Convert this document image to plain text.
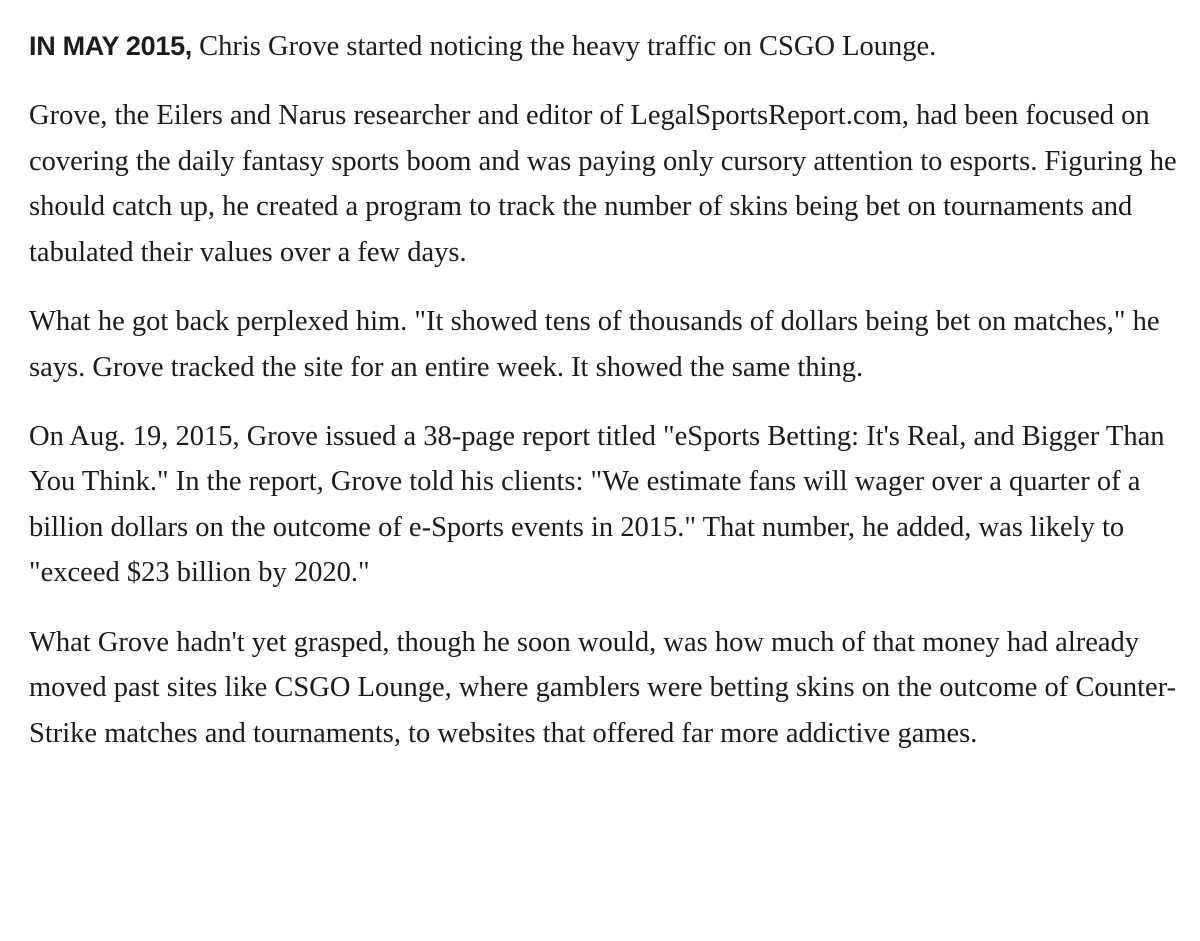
IN MAY 2015, Chris Grove started noticing the heavy traffic on CSGO Lounge.

Grove, the Eilers and Narus researcher and editor of LegalSportsReport.com, had been focused on covering the daily fantasy sports boom and was paying only cursory attention to esports. Figuring he should catch up, he created a program to track the number of skins being bet on tournaments and tabulated their values over a few days.

What he got back perplexed him. "It showed tens of thousands of dollars being bet on matches," he says. Grove tracked the site for an entire week. It showed the same thing.

On Aug. 19, 2015, Grove issued a 38-page report titled "eSports Betting: It's Real, and Bigger Than You Think." In the report, Grove told his clients: "We estimate fans will wager over a quarter of a billion dollars on the outcome of e-Sports events in 2015." That number, he added, was likely to "exceed $23 billion by 2020."

What Grove hadn't yet grasped, though he soon would, was how much of that money had already moved past sites like CSGO Lounge, where gamblers were betting skins on the outcome of Counter-Strike matches and tournaments, to websites that offered far more addictive games.
